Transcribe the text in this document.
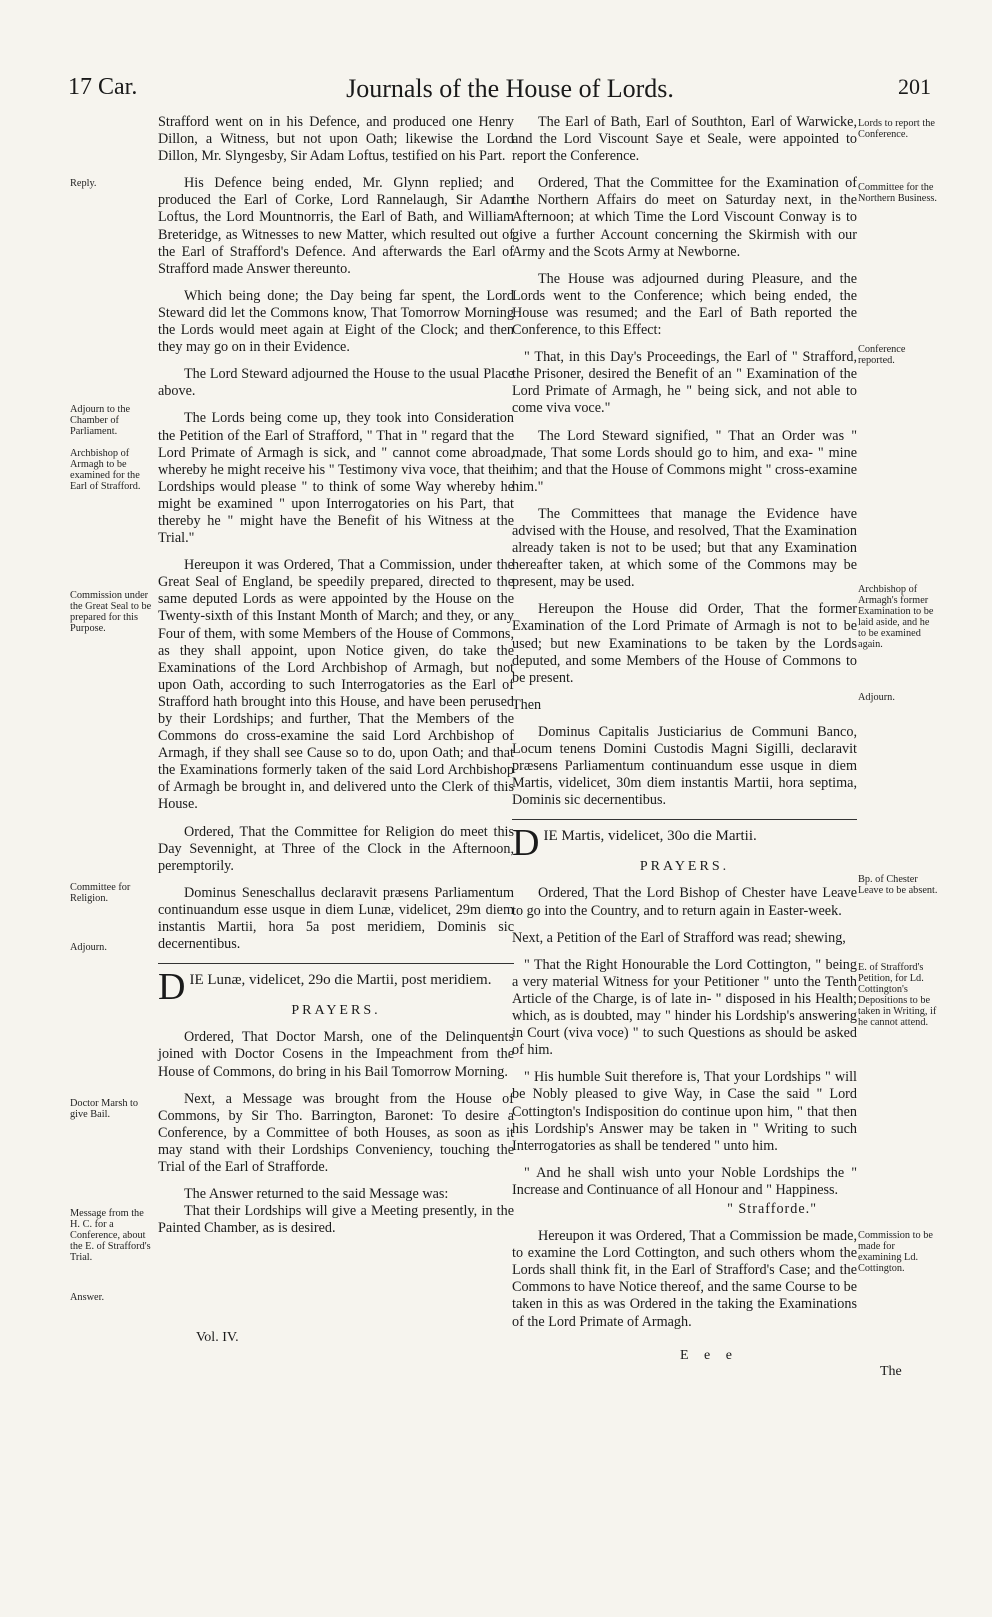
17 Car.	Journals of the House of Lords.	201

Strafford went on in his Defence, and produced one Henry Dillon, a Witness, but not upon Oath; likewise the Lord Dillon, Mr. Slyngesby, Sir Adam Loftus, testified on his Part.

His Defence being ended, Mr. Glynn replied; and produced the Earl of Corke, Lord Rannelaugh, Sir Adam Loftus, the Lord Mountnorris, the Earl of Bath, and William Breteridge, as Witnesses to new Matter, which resulted out of the Earl of Strafford's Defence. And afterwards the Earl of Strafford made Answer thereunto.

Which being done; the Day being far spent, the Lord Steward did let the Commons know, That Tomorrow Morning the Lords would meet again at Eight of the Clock; and then they may go on in their Evidence.

The Lord Steward adjourned the House to the usual Place above.

The Lords being come up, they took into Consideration the Petition of the Earl of Strafford, " That in " regard that the Lord Primate of Armagh is sick, and " cannot come abroad, whereby he might receive his " Testimony viva voce, that their Lordships would please " to think of some Way whereby he might be examined " upon Interrogatories on his Part, that thereby he " might have the Benefit of his Witness at the Trial."

Hereupon it was Ordered, That a Commission, under the Great Seal of England, be speedily prepared, directed to the same deputed Lords as were appointed by the House on the Twenty-sixth of this Instant Month of March; and they, or any Four of them, with some Members of the House of Commons, as they shall appoint, upon Notice given, do take the Examinations of the Lord Archbishop of Armagh, but not upon Oath, according to such Interrogatories as the Earl of Strafford hath brought into this House, and have been perused by their Lordships; and further, That the Members of the Commons do cross-examine the said Lord Archbishop of Armagh, if they shall see Cause so to do, upon Oath; and that the Examinations formerly taken of the said Lord Archbishop of Armagh be brought in, and delivered unto the Clerk of this House.

Ordered, That the Committee for Religion do meet this Day Sevennight, at Three of the Clock in the Afternoon, peremptorily.

Dominus Seneschallus declaravit præsens Parliamentum continuandum esse usque in diem Lunæ, videlicet, 29m diem instantis Martii, hora 5a post meridiem, Dominis sic decernentibus.

DIE Lunæ, videlicet, 29o die Martii, post meridiem.

PRAYERS.

Ordered, That Doctor Marsh, one of the Delinquents joined with Doctor Cosens in the Impeachment from the House of Commons, do bring in his Bail Tomorrow Morning.

Next, a Message was brought from the House of Commons, by Sir Tho. Barrington, Baronet: To desire a Conference, by a Committee of both Houses, as soon as it may stand with their Lordships Conveniency, touching the Trial of the Earl of Strafforde.

The Answer returned to the said Message was:

That their Lordships will give a Meeting presently, in the Painted Chamber, as is desired.

Vol. IV.

The Earl of Bath, Earl of Southton, Earl of Warwicke, and the Lord Viscount Saye et Seale, were appointed to report the Conference.

Ordered, That the Committee for the Examination of the Northern Affairs do meet on Saturday next, in the Afternoon; at which Time the Lord Viscount Conway is to give a further Account concerning the Skirmish with our Army and the Scots Army at Newborne.

The House was adjourned during Pleasure, and the Lords went to the Conference; which being ended, the House was resumed; and the Earl of Bath reported the Conference, to this Effect:

" That, in this Day's Proceedings, the Earl of " Strafford, the Prisoner, desired the Benefit of an " Examination of the Lord Primate of Armagh, he " being sick, and not able to come viva voce."

The Lord Steward signified, " That an Order was " made, That some Lords should go to him, and exa- " mine him; and that the House of Commons might " cross-examine him."

The Committees that manage the Evidence have advised with the House, and resolved, That the Examination already taken is not to be used; but that any Examination hereafter taken, at which some of the Commons may be present, may be used.

Hereupon the House did Order, That the former Examination of the Lord Primate of Armagh is not to be used; but new Examinations to be taken by the Lords deputed, and some Members of the House of Commons to be present.

Then

Dominus Capitalis Justiciarius de Communi Banco, Locum tenens Domini Custodis Magni Sigilli, declaravit præsens Parliamentum continuandum esse usque in diem Martis, videlicet, 30m diem instantis Martii, hora septima, Dominis sic decernentibus.

DIE Martis, videlicet, 30o die Martii.

PRAYERS.

Ordered, That the Lord Bishop of Chester have Leave to go into the Country, and to return again in Easter-week.

Next, a Petition of the Earl of Strafford was read; shewing,

" That the Right Honourable the Lord Cottington, " being a very material Witness for your Petitioner " unto the Tenth Article of the Charge, is of late in- " disposed in his Health; which, as is doubted, may " hinder his Lordship's answering in Court (viva voce) " to such Questions as should be asked of him.

" His humble Suit therefore is, That your Lordships " will be Nobly pleased to give Way, in Case the said " Lord Cottington's Indisposition do continue upon him, " that then his Lordship's Answer may be taken in " Writing to such Interrogatories as shall be tendered " unto him.

" And he shall wish unto your Noble Lordships the " Increase and Continuance of all Honour and " Happiness.

" Strafforde."

Hereupon it was Ordered, That a Commission be made, to examine the Lord Cottington, and such others whom the Lords shall think fit, in the Earl of Strafford's Case; and the Commons to have Notice thereof, and the same Course to be taken in this as was Ordered in the taking the Examinations of the Lord Primate of Armagh.

E e e
The
Reply.
Adjourn to the Chamber of Parliament.
Archbishop of Armagh to be examined for the Earl of Strafford.
Commission under the Great Seal to be prepared for this Purpose.
Committee for Religion.
Adjourn.
Doctor Marsh to give Bail.
Message from the H. C. for a Conference, about the E. of Strafford's Trial.
Answer.
Lords to report the Conference.
Committee for the Northern Business.
Conference reported.
Archbishop of Armagh's former Examination to be laid aside, and he to be examined again.
Adjourn.
Bp. of Chester Leave to be absent.
E. of Strafford's Petition, for Ld. Cottington's Depositions to be taken in Writing, if he cannot attend.
Commission to be made for examining Ld. Cottington.
